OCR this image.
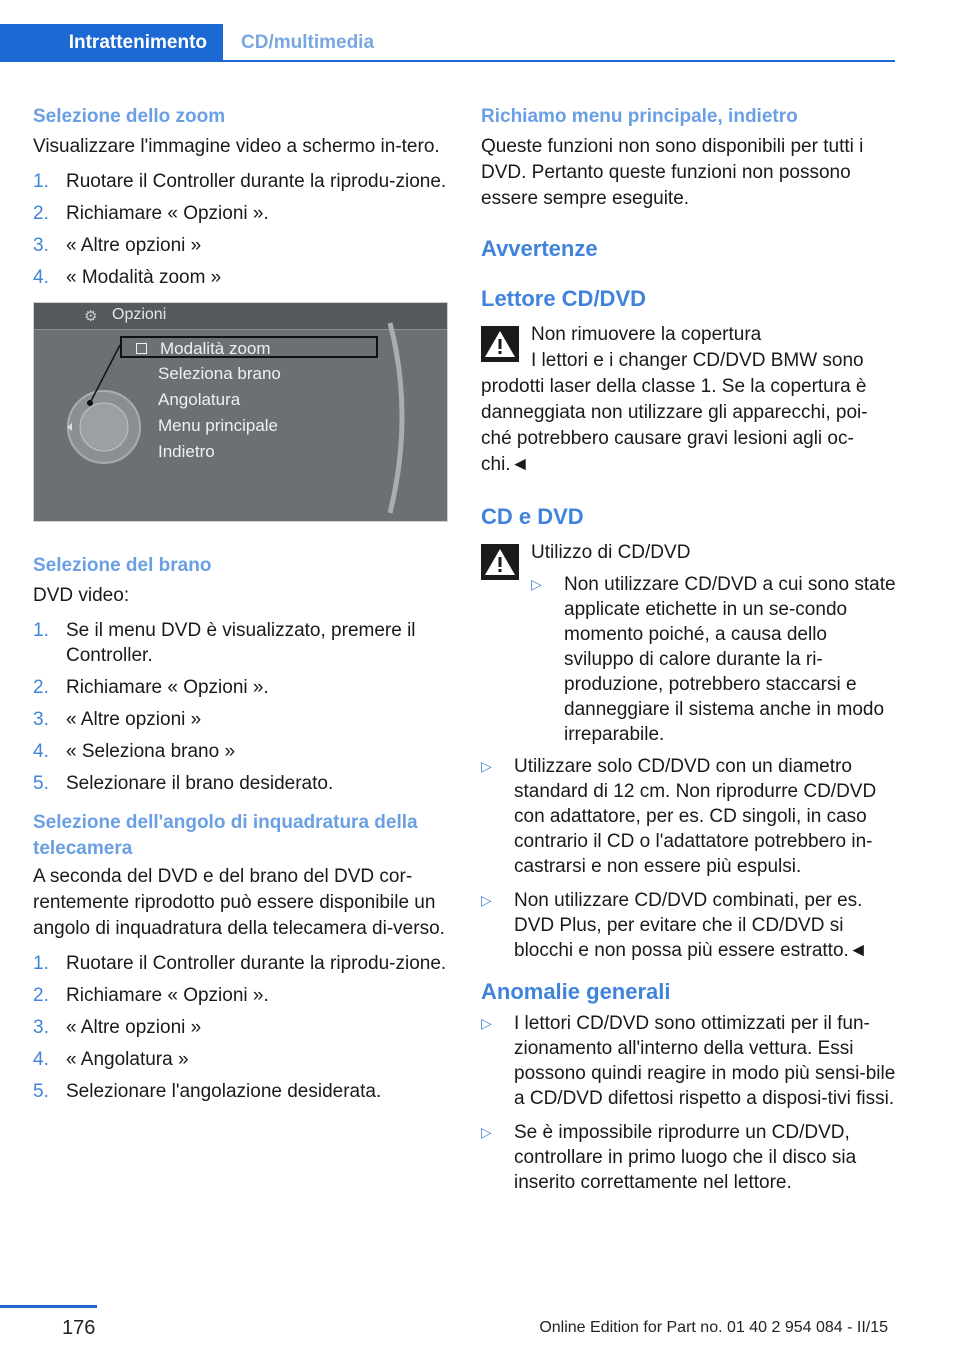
Intrattenimento	CD/multimedia
Selezione dello zoom

Visualizzare l'immagine video a schermo in-tero.

1. Ruotare il Controller durante la riprodu-zione.
2. Richiamare « Opzioni ».
3. « Altre opzioni »
4. « Modalità zoom »
⚙ Opzioni
Modalità zoom
Seleziona brano
Angolatura
Menu principale
Indietro
Selezione del brano

DVD video:

1. Se il menu DVD è visualizzato, premere il Controller.
2. Richiamare « Opzioni ».
3. « Altre opzioni »
4. « Seleziona brano »
5. Selezionare il brano desiderato.
Selezione dell'angolo di inquadratura della telecamera

A seconda del DVD e del brano del DVD cor-rentemente riprodotto può essere disponibile un angolo di inquadratura della telecamera di-verso.

1. Ruotare il Controller durante la riprodu-zione.
2. Richiamare « Opzioni ».
3. « Altre opzioni »
4. « Angolatura »
5. Selezionare l'angolazione desiderata.
Richiamo menu principale, indietro

Queste funzioni non sono disponibili per tutti i DVD. Pertanto queste funzioni non possono essere sempre eseguite.

Avvertenze
Lettore CD/DVD

Non rimuovere la copertura

I lettori e i changer CD/DVD BMW sono prodotti laser della classe 1. Se la copertura è danneggiata non utilizzare gli apparecchi, poi-ché potrebbero causare gravi lesioni agli oc-chi.◄

CD e DVD

Utilizzo di CD/DVD

▷ Non utilizzare CD/DVD a cui sono state applicate etichette in un se-condo momento poiché, a causa dello sviluppo di calore durante la ri-produzione, potrebbero staccarsi e danneggiare il sistema anche in modo irreparabile.
▷ Utilizzare solo CD/DVD con un diametro standard di 12 cm. Non riprodurre CD/DVD con adattatore, per es. CD singoli, in caso contrario il CD o l'adattatore potrebbero in-castrarsi e non essere più espulsi.
▷ Non utilizzare CD/DVD combinati, per es. DVD Plus, per evitare che il CD/DVD si blocchi e non possa più essere estratto.◄
Anomalie generali
▷ I lettori CD/DVD sono ottimizzati per il fun-zionamento all'interno della vettura. Essi possono quindi reagire in modo più sensi-bile a CD/DVD difettosi rispetto a disposi-tivi fissi.
▷ Se è impossibile riprodurre un CD/DVD, controllare in primo luogo che il disco sia inserito correttamente nel lettore.
176	Online Edition for Part no. 01 40 2 954 084 - II/15
